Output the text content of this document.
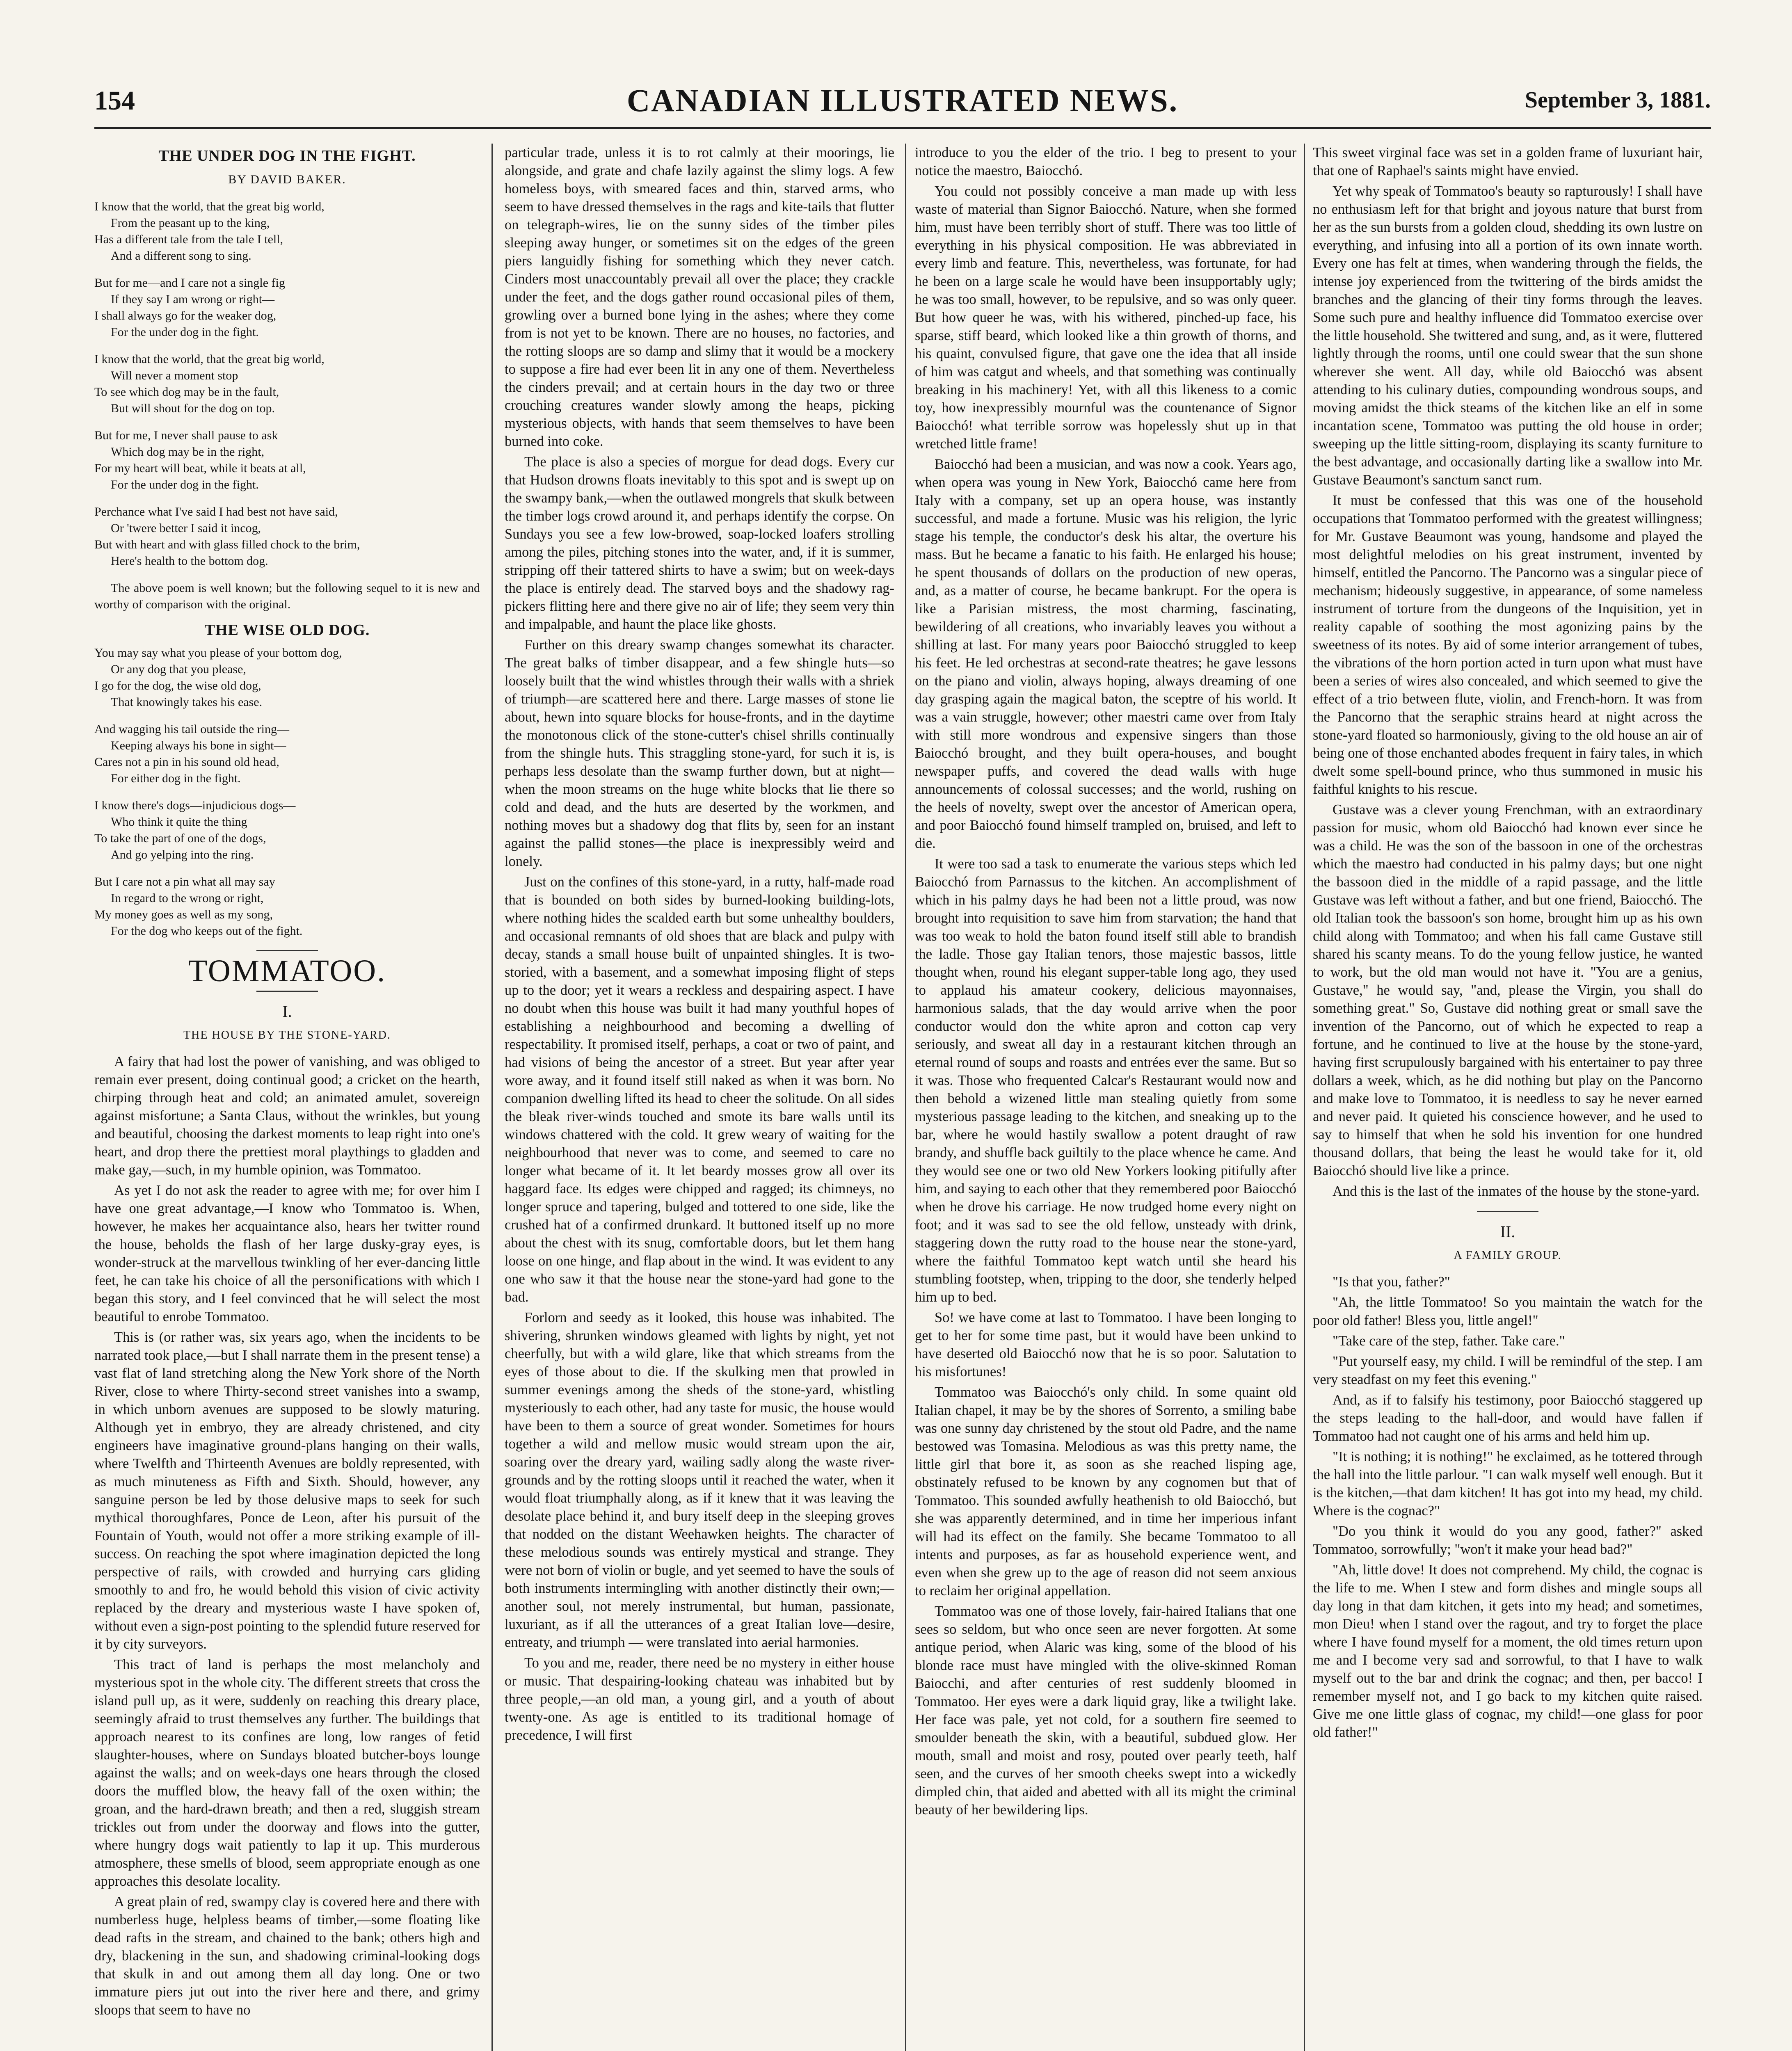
154	CANADIAN ILLUSTRATED NEWS.	September 3, 1881.
THE UNDER DOG IN THE FIGHT.
BY DAVID BAKER.
I know that the world, that the great big world,
From the peasant up to the king,
Has a different tale from the tale I tell,
And a different song to sing.
But for me—and I care not a single fig
If they say I am wrong or right—
I shall always go for the weaker dog,
For the under dog in the fight.
I know that the world, that the great big world,
Will never a moment stop
To see which dog may be in the fault,
But will shout for the dog on top.
But for me, I never shall pause to ask
Which dog may be in the right,
For my heart will beat, while it beats at all,
For the under dog in the fight.
Perchance what I've said I had best not have said,
Or 'twere better I said it incog,
But with heart and with glass filled chock to the brim,
Here's health to the bottom dog.
The above poem is well known; but the following sequel to it is new and worthy of comparison with the original.
THE WISE OLD DOG.
You may say what you please of your bottom dog,
Or any dog that you please,
I go for the dog, the wise old dog,
That knowingly takes his ease.
And wagging his tail outside the ring—
Keeping always his bone in sight—
Cares not a pin in his sound old head,
For either dog in the fight.
I know there's dogs—injudicious dogs—
Who think it quite the thing
To take the part of one of the dogs,
And go yelping into the ring.
But I care not a pin what all may say
In regard to the wrong or right,
My money goes as well as my song,
For the dog who keeps out of the fight.
TOMMATOO.
I.
THE HOUSE BY THE STONE-YARD.

A fairy that had lost the power of vanishing, and was obliged to remain ever present, doing continual good; a cricket on the hearth, chirping through heat and cold; an animated amulet, sovereign against misfortune; a Santa Claus, without the wrinkles, but young and beautiful, choosing the darkest moments to leap right into one's heart, and drop there the prettiest moral playthings to gladden and make gay,—such, in my humble opinion, was Tommatoo.

As yet I do not ask the reader to agree with me; for over him I have one great advantage,—I know who Tommatoo is. When, however, he makes her acquaintance also, hears her twitter round the house, beholds the flash of her large dusky-gray eyes, is wonder-struck at the marvellous twinkling of her ever-dancing little feet, he can take his choice of all the personifications with which I began this story, and I feel convinced that he will select the most beautiful to enrobe Tommatoo.

This is (or rather was, six years ago, when the incidents to be narrated took place,—but I shall narrate them in the present tense) a vast flat of land stretching along the New York shore of the North River, close to where Thirty-second street vanishes into a swamp, in which unborn avenues are supposed to be slowly maturing. Although yet in embryo, they are already christened, and city engineers have imaginative ground-plans hanging on their walls, where Twelfth and Thirteenth Avenues are boldly represented, with as much minuteness as Fifth and Sixth. Should, however, any sanguine person be led by those delusive maps to seek for such mythical thoroughfares, Ponce de Leon, after his pursuit of the Fountain of Youth, would not offer a more striking example of ill-success. On reaching the spot where imagination depicted the long perspective of rails, with crowded and hurrying cars gliding smoothly to and fro, he would behold this vision of civic activity replaced by the dreary and mysterious waste I have spoken of, without even a sign-post pointing to the splendid future reserved for it by city surveyors.

This tract of land is perhaps the most melancholy and mysterious spot in the whole city. The different streets that cross the island pull up, as it were, suddenly on reaching this dreary place, seemingly afraid to trust themselves any further. The buildings that approach nearest to its confines are long, low ranges of fetid slaughter-houses, where on Sundays bloated butcher-boys lounge against the walls; and on week-days one hears through the closed doors the muffled blow, the heavy fall of the oxen within; the groan, and the hard-drawn breath; and then a red, sluggish stream trickles out from under the doorway and flows into the gutter, where hungry dogs wait patiently to lap it up. This murderous atmosphere, these smells of blood, seem appropriate enough as one approaches this desolate locality.

A great plain of red, swampy clay is covered here and there with numberless huge, helpless beams of timber,—some floating like dead rafts in the stream, and chained to the bank; others high and dry, blackening in the sun, and shadowing criminal-looking dogs that skulk in and out among them all day long. One or two immature piers jut out into the river here and there, and grimy sloops that seem to have no

particular trade, unless it is to rot calmly at their moorings, lie alongside, and grate and chafe lazily against the slimy logs. A few homeless boys, with smeared faces and thin, starved arms, who seem to have dressed themselves in the rags and kite-tails that flutter on telegraph-wires, lie on the sunny sides of the timber piles sleeping away hunger, or sometimes sit on the edges of the green piers languidly fishing for something which they never catch. Cinders most unaccountably prevail all over the place; they crackle under the feet, and the dogs gather round occasional piles of them, growling over a burned bone lying in the ashes; where they come from is not yet to be known. There are no houses, no factories, and the rotting sloops are so damp and slimy that it would be a mockery to suppose a fire had ever been lit in any one of them. Nevertheless the cinders prevail; and at certain hours in the day two or three crouching creatures wander slowly among the heaps, picking mysterious objects, with hands that seem themselves to have been burned into coke.

The place is also a species of morgue for dead dogs. Every cur that Hudson drowns floats inevitably to this spot and is swept up on the swampy bank,—when the outlawed mongrels that skulk between the timber logs crowd around it, and perhaps identify the corpse. On Sundays you see a few low-browed, soap-locked loafers strolling among the piles, pitching stones into the water, and, if it is summer, stripping off their tattered shirts to have a swim; but on week-days the place is entirely dead. The starved boys and the shadowy rag-pickers flitting here and there give no air of life; they seem very thin and impalpable, and haunt the place like ghosts.

Further on this dreary swamp changes somewhat its character. The great balks of timber disappear, and a few shingle huts—so loosely built that the wind whistles through their walls with a shriek of triumph—are scattered here and there. Large masses of stone lie about, hewn into square blocks for house-fronts, and in the daytime the monotonous click of the stone-cutter's chisel shrills continually from the shingle huts. This straggling stone-yard, for such it is, is perhaps less desolate than the swamp further down, but at night—when the moon streams on the huge white blocks that lie there so cold and dead, and the huts are deserted by the workmen, and nothing moves but a shadowy dog that flits by, seen for an instant against the pallid stones—the place is inexpressibly weird and lonely.

Just on the confines of this stone-yard, in a rutty, half-made road that is bounded on both sides by burned-looking building-lots, where nothing hides the scalded earth but some unhealthy boulders, and occasional remnants of old shoes that are black and pulpy with decay, stands a small house built of unpainted shingles. It is two-storied, with a basement, and a somewhat imposing flight of steps up to the door; yet it wears a reckless and despairing aspect. I have no doubt when this house was built it had many youthful hopes of establishing a neighbourhood and becoming a dwelling of respectability. It promised itself, perhaps, a coat or two of paint, and had visions of being the ancestor of a street. But year after year wore away, and it found itself still naked as when it was born. No companion dwelling lifted its head to cheer the solitude. On all sides the bleak river-winds touched and smote its bare walls until its windows chattered with the cold. It grew weary of waiting for the neighbourhood that never was to come, and seemed to care no longer what became of it. It let beardy mosses grow all over its haggard face. Its edges were chipped and ragged; its chimneys, no longer spruce and tapering, bulged and tottered to one side, like the crushed hat of a confirmed drunkard. It buttoned itself up no more about the chest with its snug, comfortable doors, but let them hang loose on one hinge, and flap about in the wind. It was evident to any one who saw it that the house near the stone-yard had gone to the bad.

Forlorn and seedy as it looked, this house was inhabited. The shivering, shrunken windows gleamed with lights by night, yet not cheerfully, but with a wild glare, like that which streams from the eyes of those about to die. If the skulking men that prowled in summer evenings among the sheds of the stone-yard, whistling mysteriously to each other, had any taste for music, the house would have been to them a source of great wonder. Sometimes for hours together a wild and mellow music would stream upon the air, soaring over the dreary yard, wailing sadly along the waste river-grounds and by the rotting sloops until it reached the water, when it would float triumphally along, as if it knew that it was leaving the desolate place behind it, and bury itself deep in the sleeping groves that nodded on the distant Weehawken heights. The character of these melodious sounds was entirely mystical and strange. They were not born of violin or bugle, and yet seemed to have the souls of both instruments intermingling with another distinctly their own;—another soul, not merely instrumental, but human, passionate, luxuriant, as if all the utterances of a great Italian love—desire, entreaty, and triumph — were translated into aerial harmonies.

To you and me, reader, there need be no mystery in either house or music. That despairing-looking chateau was inhabited but by three people,—an old man, a young girl, and a youth of about twenty-one. As age is entitled to its traditional homage of precedence, I will first

introduce to you the elder of the trio. I beg to present to your notice the maestro, Baiocchó.

You could not possibly conceive a man made up with less waste of material than Signor Baiocchó. Nature, when she formed him, must have been terribly short of stuff. There was too little of everything in his physical composition. He was abbreviated in every limb and feature. This, nevertheless, was fortunate, for had he been on a large scale he would have been insupportably ugly; he was too small, however, to be repulsive, and so was only queer. But how queer he was, with his withered, pinched-up face, his sparse, stiff beard, which looked like a thin growth of thorns, and his quaint, convulsed figure, that gave one the idea that all inside of him was catgut and wheels, and that something was continually breaking in his machinery! Yet, with all this likeness to a comic toy, how inexpressibly mournful was the countenance of Signor Baiocchó! what terrible sorrow was hopelessly shut up in that wretched little frame!

Baiocchó had been a musician, and was now a cook. Years ago, when opera was young in New York, Baiocchó came here from Italy with a company, set up an opera house, was instantly successful, and made a fortune. Music was his religion, the lyric stage his temple, the conductor's desk his altar, the overture his mass. But he became a fanatic to his faith. He enlarged his house; he spent thousands of dollars on the production of new operas, and, as a matter of course, he became bankrupt. For the opera is like a Parisian mistress, the most charming, fascinating, bewildering of all creations, who invariably leaves you without a shilling at last. For many years poor Baiocchó struggled to keep his feet. He led orchestras at second-rate theatres; he gave lessons on the piano and violin, always hoping, always dreaming of one day grasping again the magical baton, the sceptre of his world. It was a vain struggle, however; other maestri came over from Italy with still more wondrous and expensive singers than those Baiocchó brought, and they built opera-houses, and bought newspaper puffs, and covered the dead walls with huge announcements of colossal successes; and the world, rushing on the heels of novelty, swept over the ancestor of American opera, and poor Baiocchó found himself trampled on, bruised, and left to die.

It were too sad a task to enumerate the various steps which led Baiocchó from Parnassus to the kitchen. An accomplishment of which in his palmy days he had been not a little proud, was now brought into requisition to save him from starvation; the hand that was too weak to hold the baton found itself still able to brandish the ladle. Those gay Italian tenors, those majestic bassos, little thought when, round his elegant supper-table long ago, they used to applaud his amateur cookery, delicious mayonnaises, harmonious salads, that the day would arrive when the poor conductor would don the white apron and cotton cap very seriously, and sweat all day in a restaurant kitchen through an eternal round of soups and roasts and entrées ever the same. But so it was. Those who frequented Calcar's Restaurant would now and then behold a wizened little man stealing quietly from some mysterious passage leading to the kitchen, and sneaking up to the bar, where he would hastily swallow a potent draught of raw brandy, and shuffle back guiltily to the place whence he came. And they would see one or two old New Yorkers looking pitifully after him, and saying to each other that they remembered poor Baiocchó when he drove his carriage. He now trudged home every night on foot; and it was sad to see the old fellow, unsteady with drink, staggering down the rutty road to the house near the stone-yard, where the faithful Tommatoo kept watch until she heard his stumbling footstep, when, tripping to the door, she tenderly helped him up to bed.

So! we have come at last to Tommatoo. I have been longing to get to her for some time past, but it would have been unkind to have deserted old Baiocchó now that he is so poor. Salutation to his misfortunes!

Tommatoo was Baiocchó's only child. In some quaint old Italian chapel, it may be by the shores of Sorrento, a smiling babe was one sunny day christened by the stout old Padre, and the name bestowed was Tomasina. Melodious as was this pretty name, the little girl that bore it, as soon as she reached lisping age, obstinately refused to be known by any cognomen but that of Tommatoo. This sounded awfully heathenish to old Baiocchó, but she was apparently determined, and in time her imperious infant will had its effect on the family. She became Tommatoo to all intents and purposes, as far as household experience went, and even when she grew up to the age of reason did not seem anxious to reclaim her original appellation.

Tommatoo was one of those lovely, fair-haired Italians that one sees so seldom, but who once seen are never forgotten. At some antique period, when Alaric was king, some of the blood of his blonde race must have mingled with the olive-skinned Roman Baiocchi, and after centuries of rest suddenly bloomed in Tommatoo. Her eyes were a dark liquid gray, like a twilight lake. Her face was pale, yet not cold, for a southern fire seemed to smoulder beneath the skin, with a beautiful, subdued glow. Her mouth, small and moist and rosy, pouted over pearly teeth, half seen, and the curves of her smooth cheeks swept into a wickedly dimpled chin, that aided and abetted with all its might the criminal beauty of her bewildering lips.

This sweet virginal face was set in a golden frame of luxuriant hair, that one of Raphael's saints might have envied.

Yet why speak of Tommatoo's beauty so rapturously! I shall have no enthusiasm left for that bright and joyous nature that burst from her as the sun bursts from a golden cloud, shedding its own lustre on everything, and infusing into all a portion of its own innate worth. Every one has felt at times, when wandering through the fields, the intense joy experienced from the twittering of the birds amidst the branches and the glancing of their tiny forms through the leaves. Some such pure and healthy influence did Tommatoo exercise over the little household. She twittered and sung, and, as it were, fluttered lightly through the rooms, until one could swear that the sun shone wherever she went. All day, while old Baiocchó was absent attending to his culinary duties, compounding wondrous soups, and moving amidst the thick steams of the kitchen like an elf in some incantation scene, Tommatoo was putting the old house in order; sweeping up the little sitting-room, displaying its scanty furniture to the best advantage, and occasionally darting like a swallow into Mr. Gustave Beaumont's sanctum sanct rum.

It must be confessed that this was one of the household occupations that Tommatoo performed with the greatest willingness; for Mr. Gustave Beaumont was young, handsome and played the most delightful melodies on his great instrument, invented by himself, entitled the Pancorno. The Pancorno was a singular piece of mechanism; hideously suggestive, in appearance, of some nameless instrument of torture from the dungeons of the Inquisition, yet in reality capable of soothing the most agonizing pains by the sweetness of its notes. By aid of some interior arrangement of tubes, the vibrations of the horn portion acted in turn upon what must have been a series of wires also concealed, and which seemed to give the effect of a trio between flute, violin, and French-horn. It was from the Pancorno that the seraphic strains heard at night across the stone-yard floated so harmoniously, giving to the old house an air of being one of those enchanted abodes frequent in fairy tales, in which dwelt some spell-bound prince, who thus summoned in music his faithful knights to his rescue.

Gustave was a clever young Frenchman, with an extraordinary passion for music, whom old Baiocchó had known ever since he was a child. He was the son of the bassoon in one of the orchestras which the maestro had conducted in his palmy days; but one night the bassoon died in the middle of a rapid passage, and the little Gustave was left without a father, and but one friend, Baiocchó. The old Italian took the bassoon's son home, brought him up as his own child along with Tommatoo; and when his fall came Gustave still shared his scanty means. To do the young fellow justice, he wanted to work, but the old man would not have it. "You are a genius, Gustave," he would say, "and, please the Virgin, you shall do something great." So, Gustave did nothing great or small save the invention of the Pancorno, out of which he expected to reap a fortune, and he continued to live at the house by the stone-yard, having first scrupulously bargained with his entertainer to pay three dollars a week, which, as he did nothing but play on the Pancorno and make love to Tommatoo, it is needless to say he never earned and never paid. It quieted his conscience however, and he used to say to himself that when he sold his invention for one hundred thousand dollars, that being the least he would take for it, old Baiocchó should live like a prince.

And this is the last of the inmates of the house by the stone-yard.

II.
A FAMILY GROUP.

"Is that you, father?"

"Ah, the little Tommatoo! So you maintain the watch for the poor old father! Bless you, little angel!"

"Take care of the step, father. Take care."

"Put yourself easy, my child. I will be remindful of the step. I am very steadfast on my feet this evening."

And, as if to falsify his testimony, poor Baiocchó staggered up the steps leading to the hall-door, and would have fallen if Tommatoo had not caught one of his arms and held him up.

"It is nothing; it is nothing!" he exclaimed, as he tottered through the hall into the little parlour. "I can walk myself well enough. But it is the kitchen,—that dam kitchen! It has got into my head, my child. Where is the cognac?"

"Do you think it would do you any good, father?" asked Tommatoo, sorrowfully; "won't it make your head bad?"

"Ah, little dove! It does not comprehend. My child, the cognac is the life to me. When I stew and form dishes and mingle soups all day long in that dam kitchen, it gets into my head; and sometimes, mon Dieu! when I stand over the ragout, and try to forget the place where I have found myself for a moment, the old times return upon me and I become very sad and sorrowful, to that I have to walk myself out to the bar and drink the cognac; and then, per bacco! I remember myself not, and I go back to my kitchen quite raised. Give me one little glass of cognac, my child!—one glass for poor old father!"
